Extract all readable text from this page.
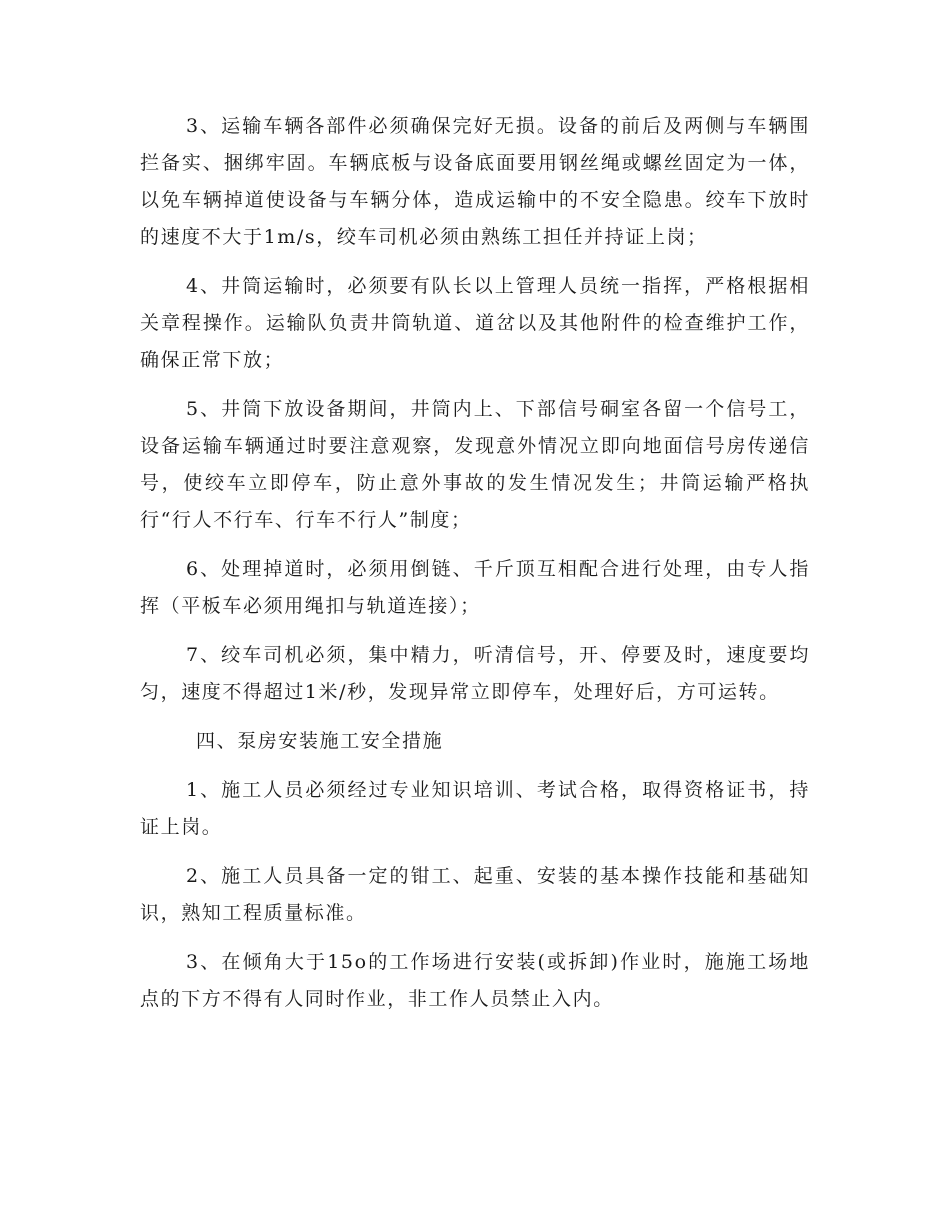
3、运输车辆各部件必须确保完好无损。设备的前后及两侧与车辆围拦备实、捆绑牢固。车辆底板与设备底面要用钢丝绳或螺丝固定为一体，以免车辆掉道使设备与车辆分体，造成运输中的不安全隐患。绞车下放时的速度不大于1m/s，绞车司机必须由熟练工担任并持证上岗；

4、井筒运输时，必须要有队长以上管理人员统一指挥，严格根据相关章程操作。运输队负责井筒轨道、道岔以及其他附件的检查维护工作，确保正常下放；

5、井筒下放设备期间，井筒内上、下部信号硐室各留一个信号工，设备运输车辆通过时要注意观察，发现意外情况立即向地面信号房传递信号，使绞车立即停车，防止意外事故的发生情况发生；井筒运输严格执行“行人不行车、行车不行人”制度；

6、处理掉道时，必须用倒链、千斤顶互相配合进行处理，由专人指挥（平板车必须用绳扣与轨道连接）；

7、绞车司机必须，集中精力，听清信号，开、停要及时，速度要均匀，速度不得超过1米/秒，发现异常立即停车，处理好后，方可运转。

四、泵房安装施工安全措施

1、施工人员必须经过专业知识培训、考试合格，取得资格证书，持证上岗。

2、施工人员具备一定的钳工、起重、安装的基本操作技能和基础知识，熟知工程质量标准。

3、在倾角大于15o的工作场进行安装(或拆卸)作业时，施施工场地点的下方不得有人同时作业，非工作人员禁止入内。
